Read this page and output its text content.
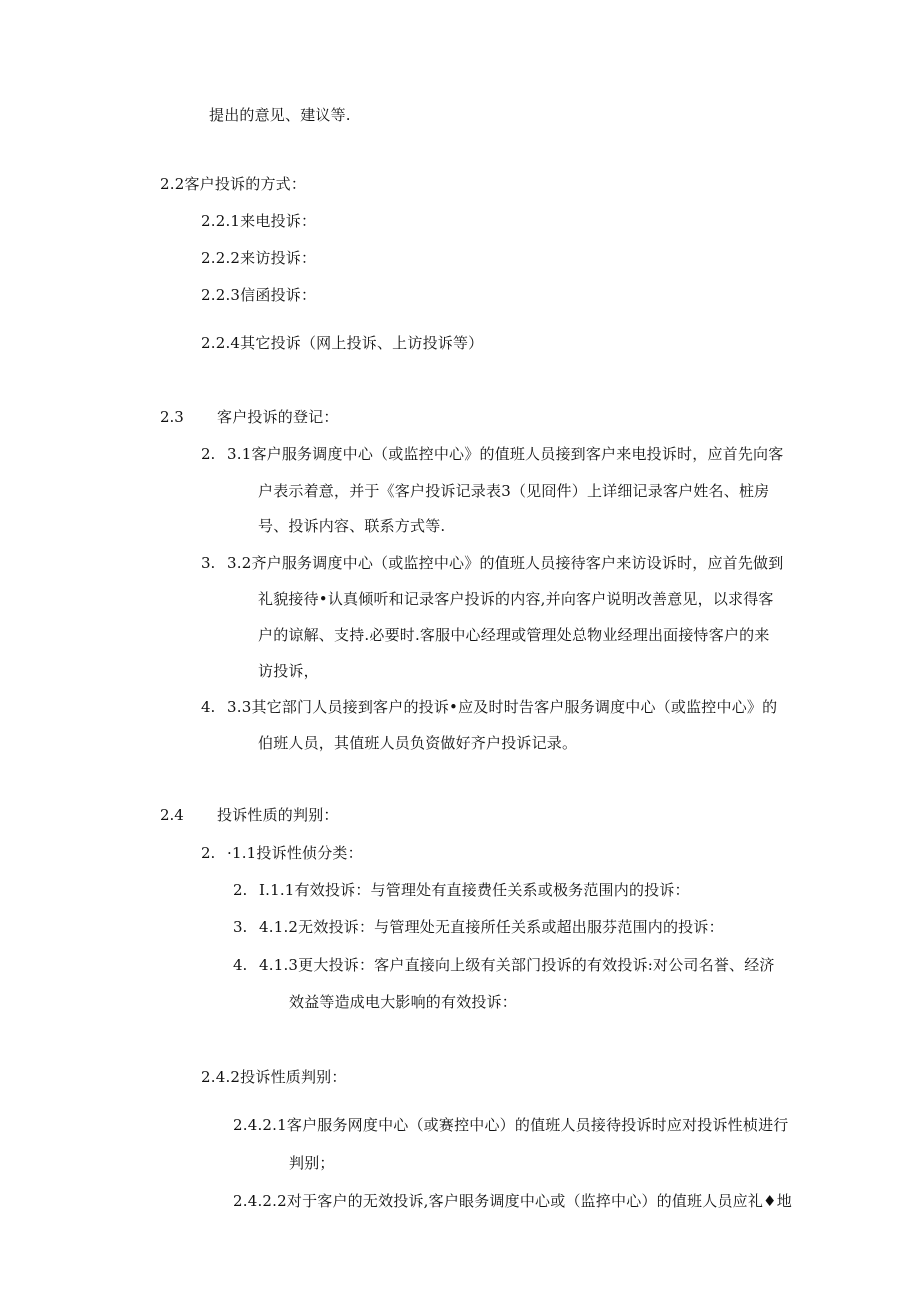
提出的意见、建议等.
2.2客户投诉的方式：
2.2.1来电投诉：
2.2.2来访投诉：
2.2.3信函投诉：
2.2.4其它投诉（网上投诉、上访投诉等）
2.3 客户投诉的登记：
2. 3.1客户服务调度中心（或监控中心》的值班人员接到客户来电投诉时，应首先向客
户表示着意，并于《客户投诉记录表3（见冏件）上详细记录客户姓名、桩房
号、投诉内容、联系方式等.
3. 3.2齐户服务调度中心（或监控中心》的值班人员接待客户来访设诉时，应首先做到
礼貌接待•认真倾听和记录客户投诉的内容,并向客户说明改善意见，以求得客
户的谅解、支持.必要时.客服中心经理或管理处总物业经理出面接恃客户的来
访投诉，
4. 3.3其它部门人员接到客户的投诉•应及时时告客户服务调度中心（或监控中心》的
伯班人员，其值班人员负资做好齐户投诉记录。
2.4 投诉性质的判别：
2. ·1.1投诉性侦分类：
2. I.1.1有效投诉：与管理处有直接费任关系或极务范围内的投诉：
3. 4.1.2无效投诉：与管理处无直接所任关系或超出服芬范围内的投诉：
4. 4.1.3更大投诉：客户直接向上级有关部门投诉的有效投诉:对公司名誉、经济
效益等造成电大影响的有效投诉：
2.4.2投诉性质判别：
2.4.2.1客户服务网度中心（或赛控中心）的值班人员接待投诉时应对投诉性桢进行
判别；
2.4.2.2对于客户的无效投诉,客户眼务调度中心或（监捽中心）的值班人员应礼♦地
